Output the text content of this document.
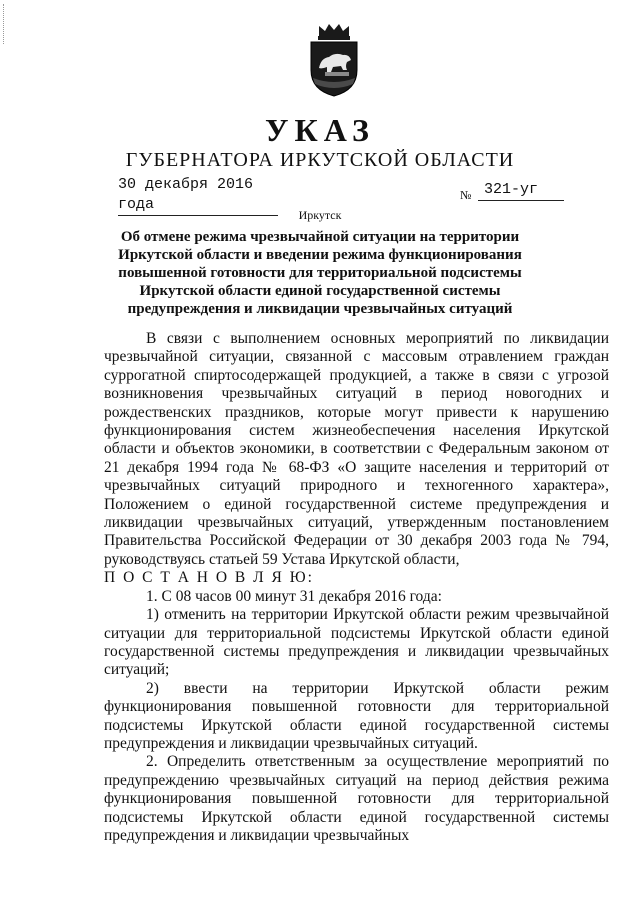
УКАЗ
ГУБЕРНАТОРА ИРКУТСКОЙ ОБЛАСТИ
30 декабря 2016 года
№ 321-уг
Иркутск
Об отмене режима чрезвычайной ситуации на территории Иркутской области и введении режима функционирования повышенной готовности для территориальной подсистемы Иркутской области единой государственной системы предупреждения и ликвидации чрезвычайных ситуаций

В связи с выполнением основных мероприятий по ликвидации чрезвычайной ситуации, связанной с массовым отравлением граждан суррогатной спиртосодержащей продукцией, а также в связи с угрозой возникновения чрезвычайных ситуаций в период новогодних и рождественских праздников, которые могут привести к нарушению функционирования систем жизнеобеспечения населения Иркутской области и объектов экономики, в соответствии с Федеральным законом от 21 декабря 1994 года № 68-ФЗ «О защите населения и территорий от чрезвычайных ситуаций природного и техногенного характера», Положением о единой государственной системе предупреждения и ликвидации чрезвычайных ситуаций, утвержденным постановлением Правительства Российской Федерации от 30 декабря 2003 года № 794, руководствуясь статьей 59 Устава Иркутской области,

П О С Т А Н О В Л Я Ю:

1. С 08 часов 00 минут 31 декабря 2016 года:

1) отменить на территории Иркутской области режим чрезвычайной ситуации для территориальной подсистемы Иркутской области единой государственной системы предупреждения и ликвидации чрезвычайных ситуаций;

2) ввести на территории Иркутской области режим функционирования повышенной готовности для территориальной подсистемы Иркутской области единой государственной системы предупреждения и ликвидации чрезвычайных ситуаций.

2. Определить ответственным за осуществление мероприятий по предупреждению чрезвычайных ситуаций на период действия режима функционирования повышенной готовности для территориальной подсистемы Иркутской области единой государственной системы предупреждения и ликвидации чрезвычайных
